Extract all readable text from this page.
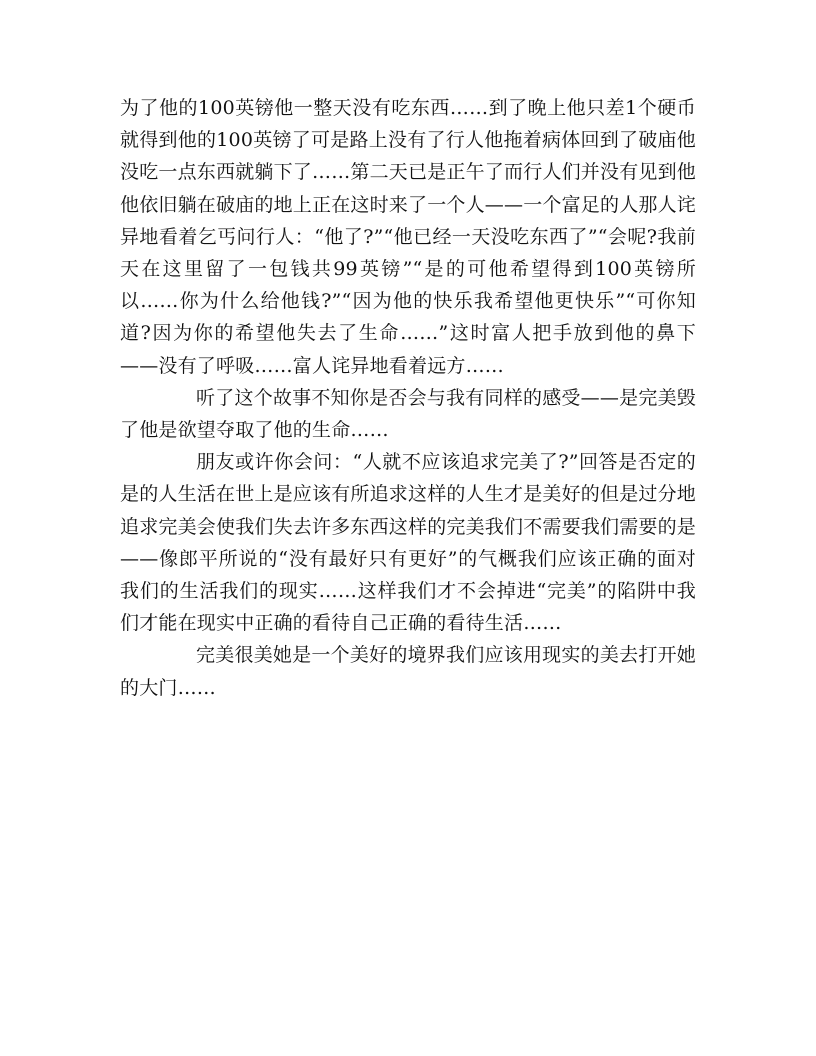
为了他的100英镑他一整天没有吃东西……到了晚上他只差1个硬币就得到他的100英镑了可是路上没有了行人他拖着病体回到了破庙他没吃一点东西就躺下了……第二天已是正午了而行人们并没有见到他他依旧躺在破庙的地上正在这时来了一个人——一个富足的人那人诧异地看着乞丐问行人：“他了?”“他已经一天没吃东西了”“会呢?我前天在这里留了一包钱共99英镑”“是的可他希望得到100英镑所以……你为什么给他钱?”“因为他的快乐我希望他更快乐”“可你知道?因为你的希望他失去了生命……”这时富人把手放到他的鼻下——没有了呼吸……富人诧异地看着远方……

听了这个故事不知你是否会与我有同样的感受——是完美毁了他是欲望夺取了他的生命……

朋友或许你会问：“人就不应该追求完美了?”回答是否定的是的人生活在世上是应该有所追求这样的人生才是美好的但是过分地追求完美会使我们失去许多东西这样的完美我们不需要我们需要的是——像郎平所说的“没有最好只有更好”的气概我们应该正确的面对我们的生活我们的现实……这样我们才不会掉进“完美”的陷阱中我们才能在现实中正确的看待自己正确的看待生活……

完美很美她是一个美好的境界我们应该用现实的美去打开她的大门……
